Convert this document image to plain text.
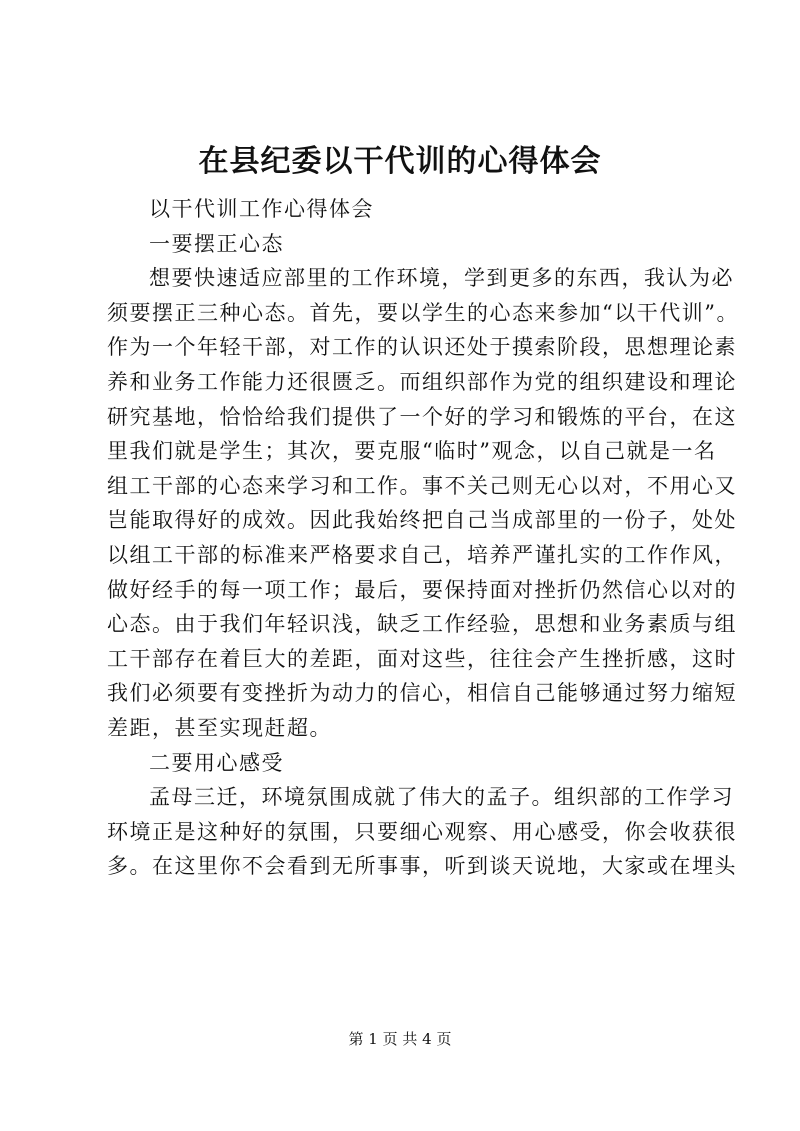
在县纪委以干代训的心得体会
以干代训工作心得体会
一要摆正心态
想要快速适应部里的工作环境，学到更多的东西，我认为必
须要摆正三种心态。首先，要以学生的心态来参加“以干代训”。
作为一个年轻干部，对工作的认识还处于摸索阶段，思想理论素
养和业务工作能力还很匮乏。而组织部作为党的组织建设和理论
研究基地，恰恰给我们提供了一个好的学习和锻炼的平台，在这
里我们就是学生；其次，要克服“临时”观念，以自己就是一名
组工干部的心态来学习和工作。事不关己则无心以对，不用心又
岂能取得好的成效。因此我始终把自己当成部里的一份子，处处
以组工干部的标准来严格要求自己，培养严谨扎实的工作作风，
做好经手的每一项工作；最后，要保持面对挫折仍然信心以对的
心态。由于我们年轻识浅，缺乏工作经验，思想和业务素质与组
工干部存在着巨大的差距，面对这些，往往会产生挫折感，这时
我们必须要有变挫折为动力的信心，相信自己能够通过努力缩短
差距，甚至实现赶超。
二要用心感受
孟母三迁，环境氛围成就了伟大的孟子。组织部的工作学习
环境正是这种好的氛围，只要细心观察、用心感受，你会收获很
多。在这里你不会看到无所事事，听到谈天说地，大家或在埋头
第 1 页 共 4 页
